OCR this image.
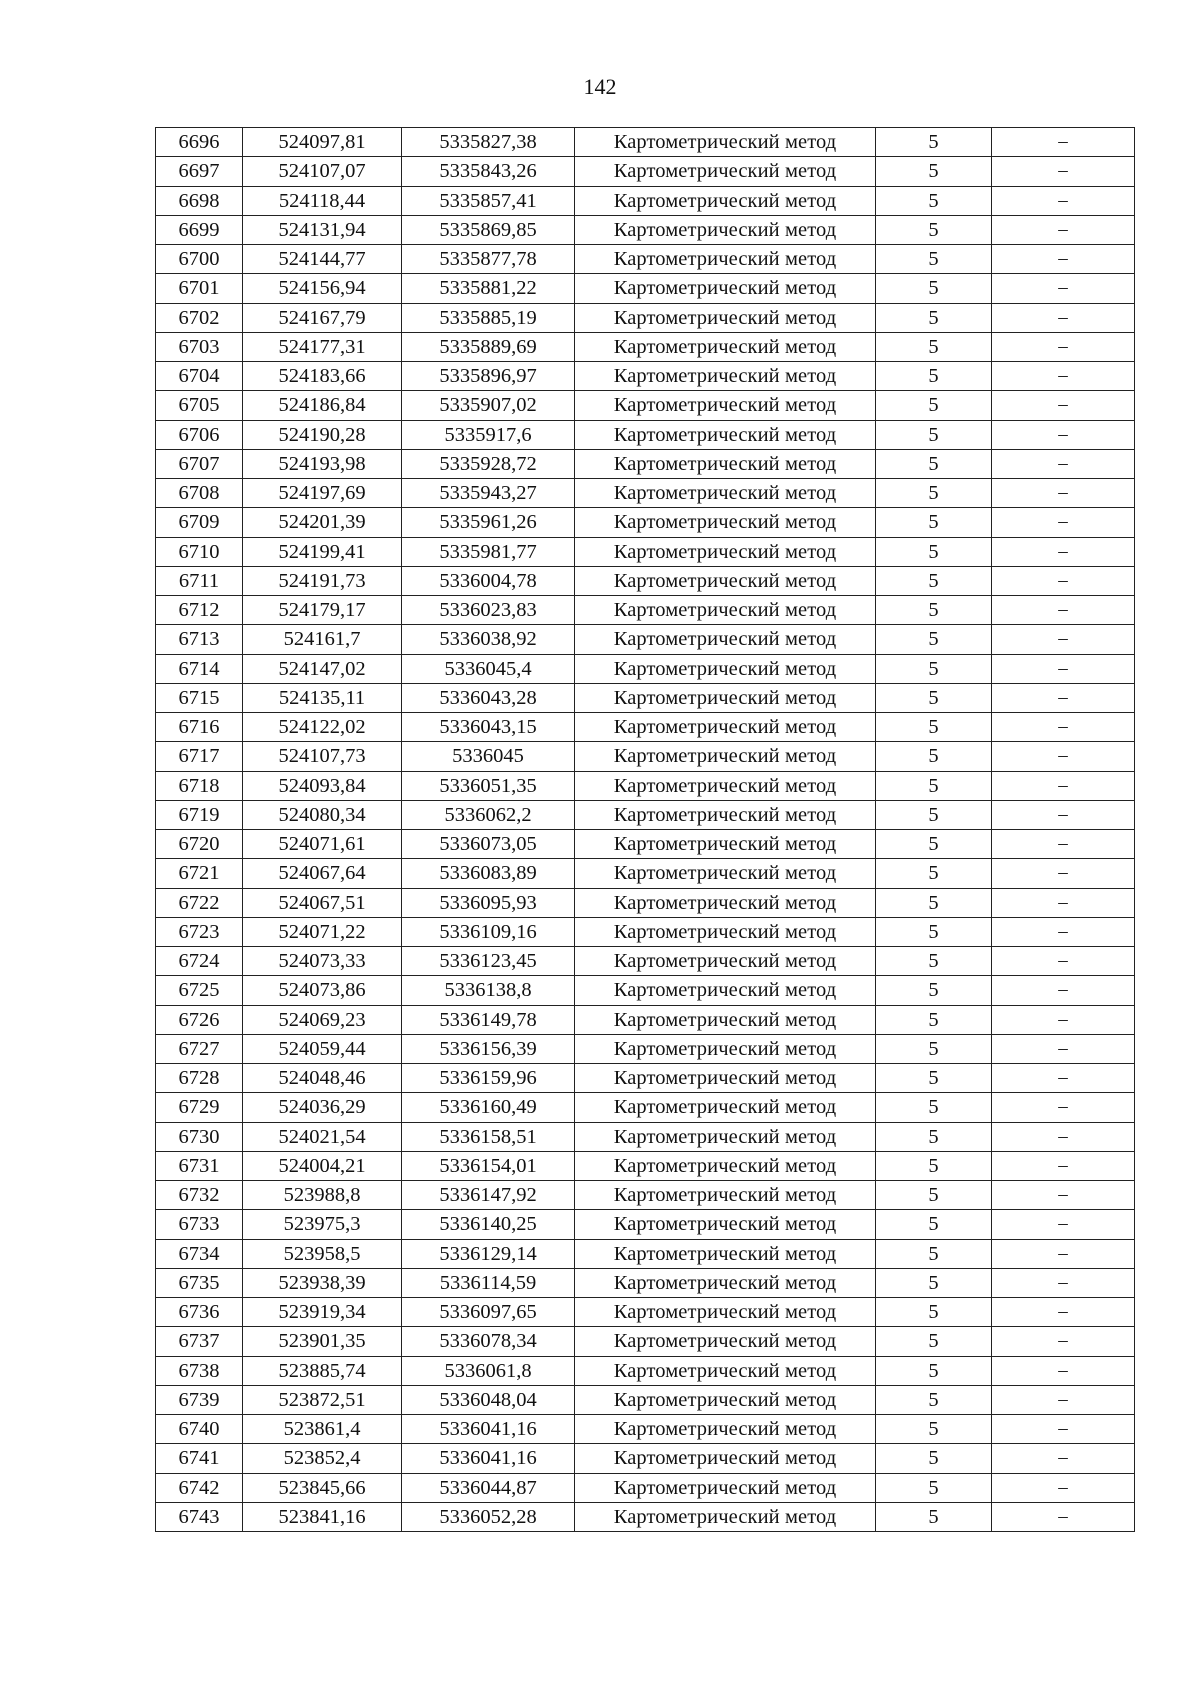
142
6696	524097,81	5335827,38	Картометрический метод	5	–
6697	524107,07	5335843,26	Картометрический метод	5	–
6698	524118,44	5335857,41	Картометрический метод	5	–
6699	524131,94	5335869,85	Картометрический метод	5	–
6700	524144,77	5335877,78	Картометрический метод	5	–
6701	524156,94	5335881,22	Картометрический метод	5	–
6702	524167,79	5335885,19	Картометрический метод	5	–
6703	524177,31	5335889,69	Картометрический метод	5	–
6704	524183,66	5335896,97	Картометрический метод	5	–
6705	524186,84	5335907,02	Картометрический метод	5	–
6706	524190,28	5335917,6	Картометрический метод	5	–
6707	524193,98	5335928,72	Картометрический метод	5	–
6708	524197,69	5335943,27	Картометрический метод	5	–
6709	524201,39	5335961,26	Картометрический метод	5	–
6710	524199,41	5335981,77	Картометрический метод	5	–
6711	524191,73	5336004,78	Картометрический метод	5	–
6712	524179,17	5336023,83	Картометрический метод	5	–
6713	524161,7	5336038,92	Картометрический метод	5	–
6714	524147,02	5336045,4	Картометрический метод	5	–
6715	524135,11	5336043,28	Картометрический метод	5	–
6716	524122,02	5336043,15	Картометрический метод	5	–
6717	524107,73	5336045	Картометрический метод	5	–
6718	524093,84	5336051,35	Картометрический метод	5	–
6719	524080,34	5336062,2	Картометрический метод	5	–
6720	524071,61	5336073,05	Картометрический метод	5	–
6721	524067,64	5336083,89	Картометрический метод	5	–
6722	524067,51	5336095,93	Картометрический метод	5	–
6723	524071,22	5336109,16	Картометрический метод	5	–
6724	524073,33	5336123,45	Картометрический метод	5	–
6725	524073,86	5336138,8	Картометрический метод	5	–
6726	524069,23	5336149,78	Картометрический метод	5	–
6727	524059,44	5336156,39	Картометрический метод	5	–
6728	524048,46	5336159,96	Картометрический метод	5	–
6729	524036,29	5336160,49	Картометрический метод	5	–
6730	524021,54	5336158,51	Картометрический метод	5	–
6731	524004,21	5336154,01	Картометрический метод	5	–
6732	523988,8	5336147,92	Картометрический метод	5	–
6733	523975,3	5336140,25	Картометрический метод	5	–
6734	523958,5	5336129,14	Картометрический метод	5	–
6735	523938,39	5336114,59	Картометрический метод	5	–
6736	523919,34	5336097,65	Картометрический метод	5	–
6737	523901,35	5336078,34	Картометрический метод	5	–
6738	523885,74	5336061,8	Картометрический метод	5	–
6739	523872,51	5336048,04	Картометрический метод	5	–
6740	523861,4	5336041,16	Картометрический метод	5	–
6741	523852,4	5336041,16	Картометрический метод	5	–
6742	523845,66	5336044,87	Картометрический метод	5	–
6743	523841,16	5336052,28	Картометрический метод	5	–
